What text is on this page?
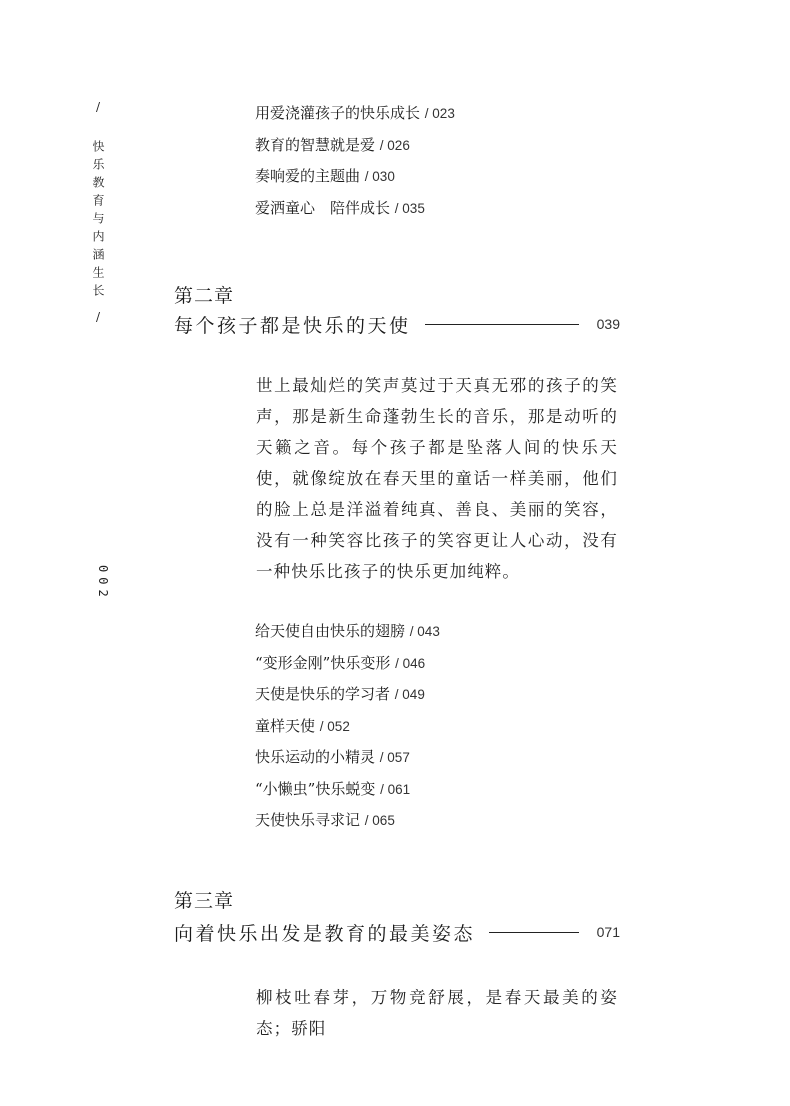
/
快乐教育与内涵生长
/
002
用爱浇灌孩子的快乐成长 / 023
教育的智慧就是爱 / 026
奏响爱的主题曲 / 030
爱洒童心　陪伴成长 / 035
第二章
每个孩子都是快乐的天使	039

世上最灿烂的笑声莫过于天真无邪的孩子的笑声，那是新生命蓬勃生长的音乐，那是动听的天籁之音。每个孩子都是坠落人间的快乐天使，就像绽放在春天里的童话一样美丽，他们的脸上总是洋溢着纯真、善良、美丽的笑容，没有一种笑容比孩子的笑容更让人心动，没有一种快乐比孩子的快乐更加纯粹。

给天使自由快乐的翅膀 / 043
“变形金刚”快乐变形 / 046
天使是快乐的学习者 / 049
童样天使 / 052
快乐运动的小精灵 / 057
“小懒虫”快乐蜕变 / 061
天使快乐寻求记 / 065
第三章
向着快乐出发是教育的最美姿态	071

柳枝吐春芽，万物竞舒展，是春天最美的姿态；骄阳
